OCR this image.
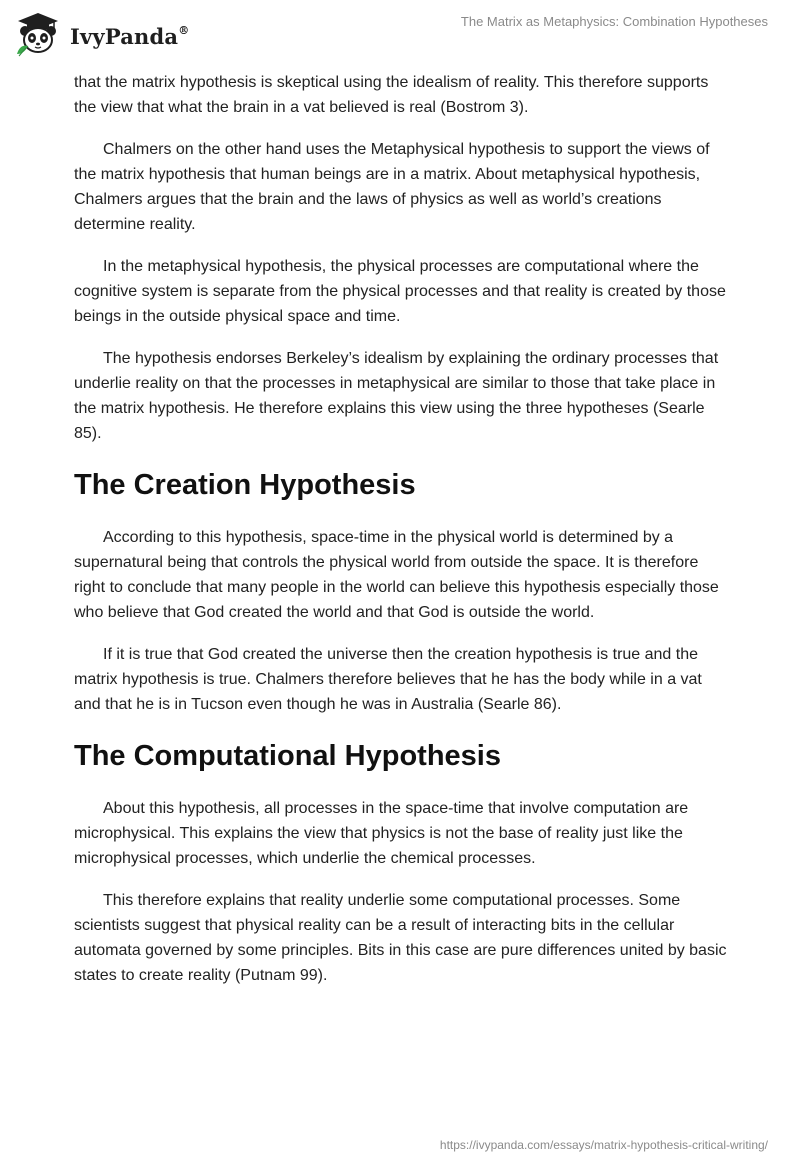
IvyPanda®
The Matrix as Metaphysics: Combination Hypotheses

that the matrix hypothesis is skeptical using the idealism of reality. This therefore supports the view that what the brain in a vat believed is real (Bostrom 3).

Chalmers on the other hand uses the Metaphysical hypothesis to support the views of the matrix hypothesis that human beings are in a matrix. About metaphysical hypothesis, Chalmers argues that the brain and the laws of physics as well as world’s creations determine reality.

In the metaphysical hypothesis, the physical processes are computational where the cognitive system is separate from the physical processes and that reality is created by those beings in the outside physical space and time.

The hypothesis endorses Berkeley’s idealism by explaining the ordinary processes that underlie reality on that the processes in metaphysical are similar to those that take place in the matrix hypothesis. He therefore explains this view using the three hypotheses (Searle 85).

The Creation Hypothesis

According to this hypothesis, space-time in the physical world is determined by a supernatural being that controls the physical world from outside the space. It is therefore right to conclude that many people in the world can believe this hypothesis especially those who believe that God created the world and that God is outside the world.

If it is true that God created the universe then the creation hypothesis is true and the matrix hypothesis is true. Chalmers therefore believes that he has the body while in a vat and that he is in Tucson even though he was in Australia (Searle 86).

The Computational Hypothesis

About this hypothesis, all processes in the space-time that involve computation are microphysical. This explains the view that physics is not the base of reality just like the microphysical processes, which underlie the chemical processes.

This therefore explains that reality underlie some computational processes. Some scientists suggest that physical reality can be a result of interacting bits in the cellular automata governed by some principles. Bits in this case are pure differences united by basic states to create reality (Putnam 99).

https://ivypanda.com/essays/matrix-hypothesis-critical-writing/
